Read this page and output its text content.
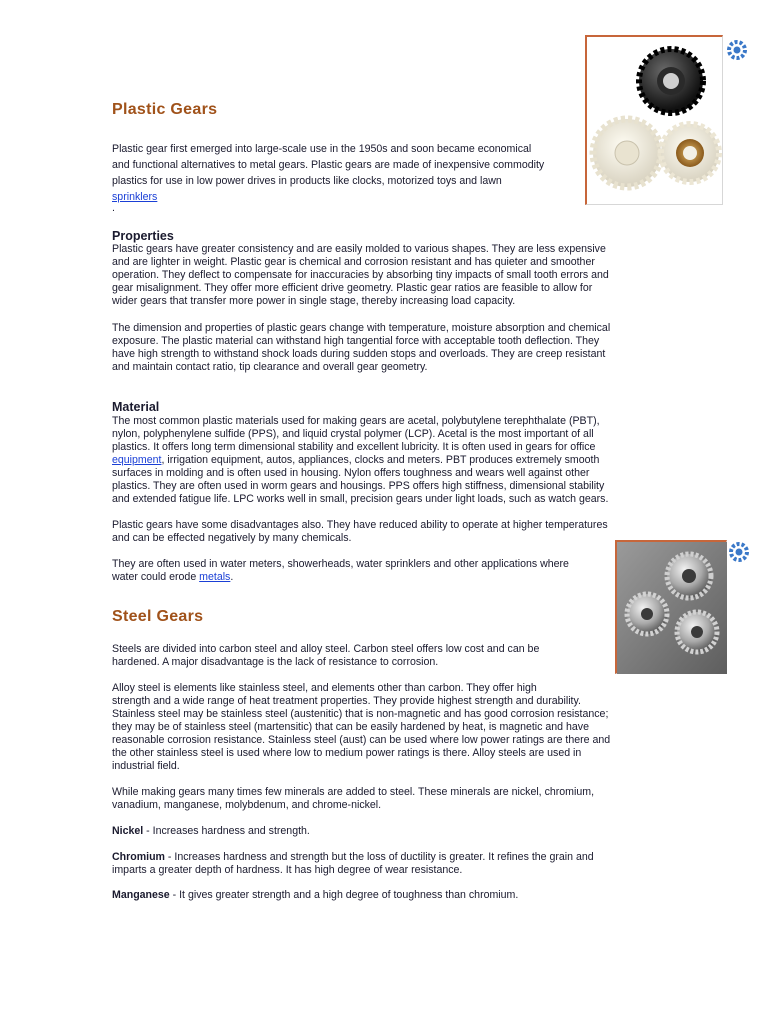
Plastic Gears
Plastic gear first emerged into large-scale use in the 1950s and soon became economical
and functional alternatives to metal gears. Plastic gears are made of inexpensive commodity
plastics for use in low power drives in products like clocks, motorized toys and lawn
sprinklers
.
Properties
Plastic gears have greater consistency and are easily molded to various shapes. They are less expensive
and are lighter in weight. Plastic gear is chemical and corrosion resistant and has quieter and smoother
operation. They deflect to compensate for inaccuracies by absorbing tiny impacts of small tooth errors and
gear misalignment. They offer more efficient drive geometry. Plastic gear ratios are feasible to allow for
wider gears that transfer more power in single stage, thereby increasing load capacity.
The dimension and properties of plastic gears change with temperature, moisture absorption and chemical
exposure. The plastic material can withstand high tangential force with acceptable tooth deflection. They
have high strength to withstand shock loads during sudden stops and overloads. They are creep resistant
and maintain contact ratio, tip clearance and overall gear geometry.
Material
The most common plastic materials used for making gears are acetal, polybutylene terephthalate (PBT),
nylon, polyphenylene sulfide (PPS), and liquid crystal polymer (LCP). Acetal is the most important of all
plastics. It offers long term dimensional stability and excellent lubricity. It is often used in gears for office
equipment, irrigation equipment, autos, appliances, clocks and meters. PBT produces extremely smooth
surfaces in molding and is often used in housing. Nylon offers toughness and wears well against other
plastics. They are often used in worm gears and housings. PPS offers high stiffness, dimensional stability
and extended fatigue life. LPC works well in small, precision gears under light loads, such as watch gears.
Plastic gears have some disadvantages also. They have reduced ability to operate at higher temperatures
and can be effected negatively by many chemicals.
They are often used in water meters, showerheads, water sprinklers and other applications where
water could erode metals.
Steel Gears
Steels are divided into carbon steel and alloy steel. Carbon steel offers low cost and can be
hardened. A major disadvantage is the lack of resistance to corrosion.
Alloy steel is elements like stainless steel, and elements other than carbon. They offer high
strength and a wide range of heat treatment properties. They provide highest strength and durability.
Stainless steel may be stainless steel (austenitic) that is non-magnetic and has good corrosion resistance;
they may be of stainless steel (martensitic) that can be easily hardened by heat, is magnetic and have
reasonable corrosion resistance. Stainless steel (aust) can be used where low power ratings are there and
the other stainless steel is used where low to medium power ratings is there. Alloy steels are used in
industrial field.
While making gears many times few minerals are added to steel. These minerals are nickel, chromium,
vanadium, manganese, molybdenum, and chrome-nickel.
Nickel - Increases hardness and strength.
Chromium - Increases hardness and strength but the loss of ductility is greater. It refines the grain and
imparts a greater depth of hardness. It has high degree of wear resistance.
Manganese - It gives greater strength and a high degree of toughness than chromium.
